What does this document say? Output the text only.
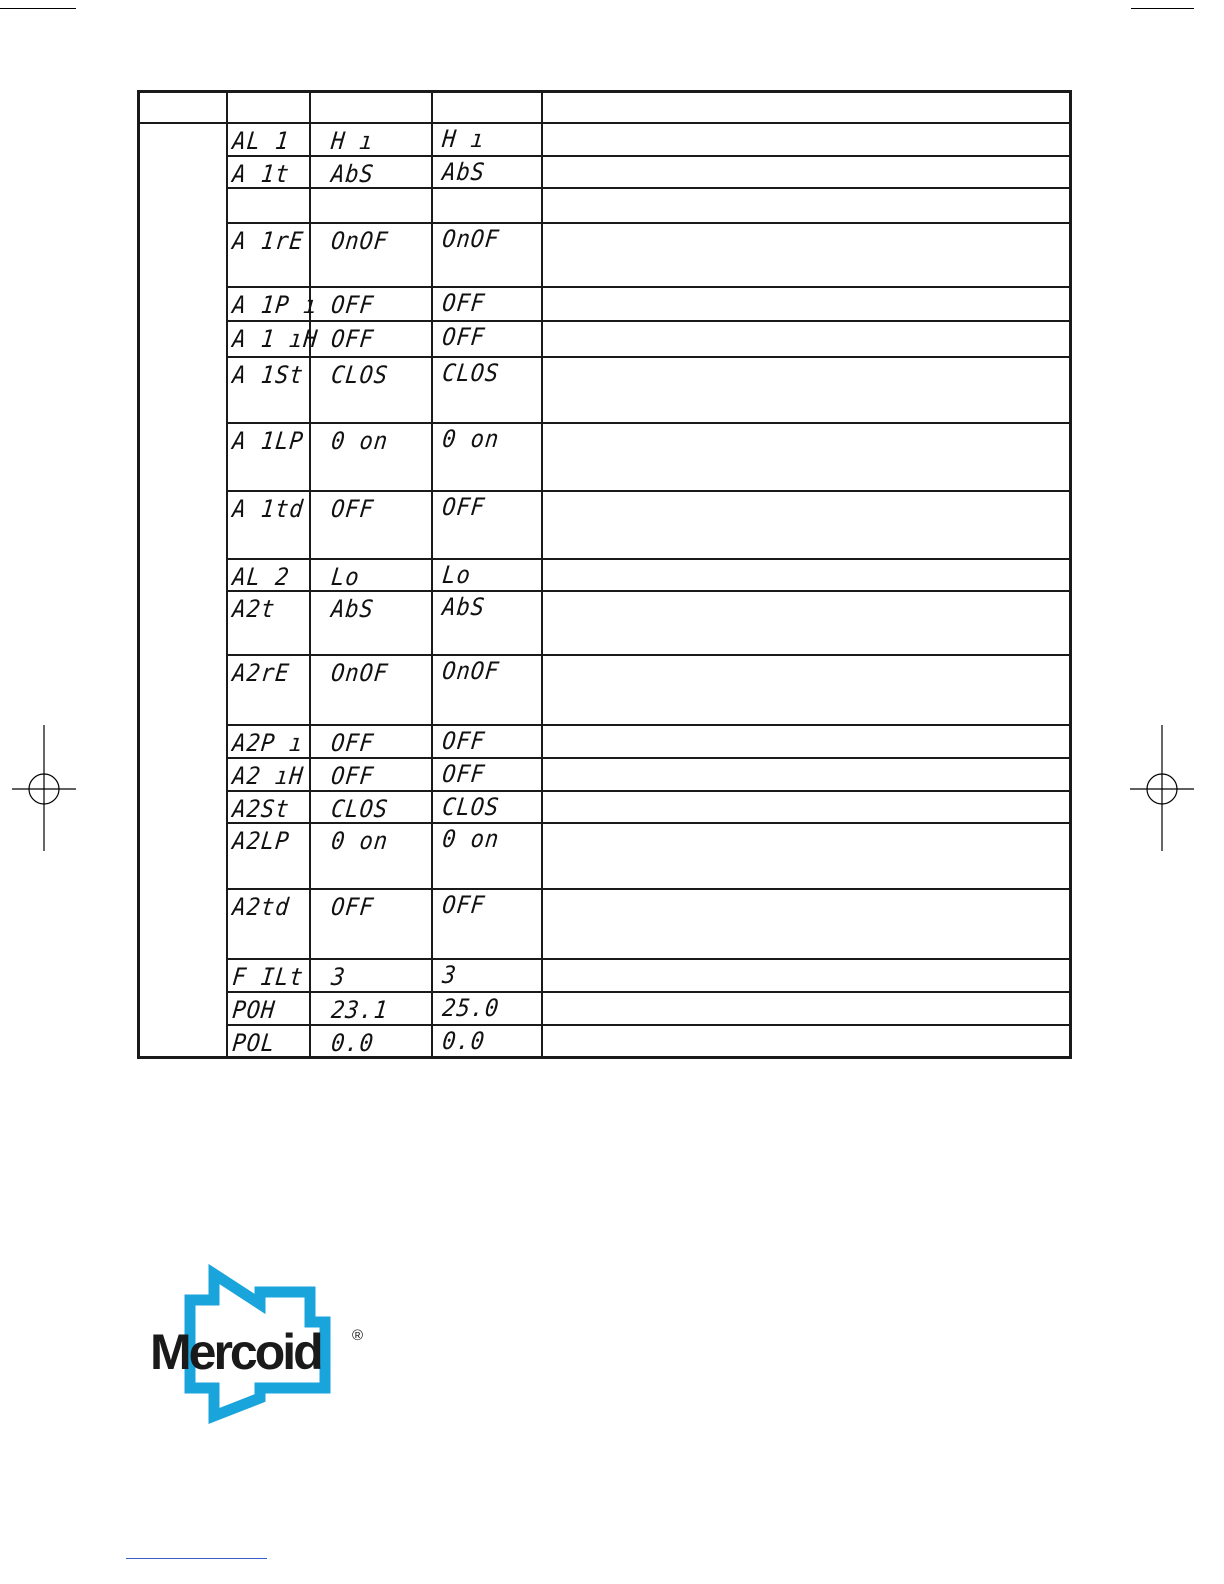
	AL 1	H ı	H ı	

	A 1t	AbS	AbS	

	A 1rE	OnOF	OnOF	

	A 1P ı	OFF	OFF	

	A 1 ıH	OFF	OFF	

	A 1St	CLOS	CLOS	

	A 1LP	0 on	0 on	

	A 1td	OFF	OFF	

	AL 2	Lo	Lo	

	A2t	AbS	AbS	

	A2rE	OnOF	OnOF	

	A2P ı	OFF	OFF	

	A2 ıH	OFF	OFF	

	A2St	CLOS	CLOS	

	A2LP	0 on	0 on	

	A2td	OFF	OFF	

	F ILt	3	3	

	POH	23.1	25.0	

	POL	0.0	0.0	

Mercoid ®
